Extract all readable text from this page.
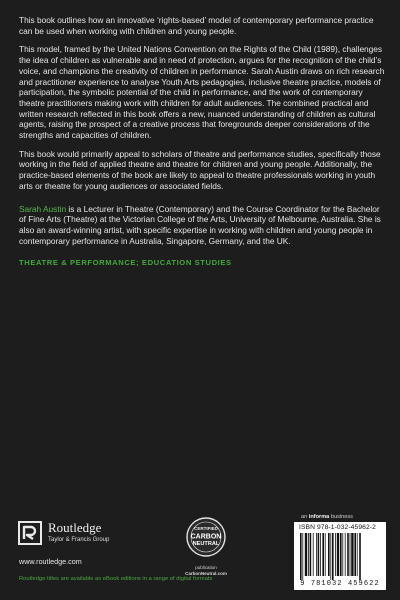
This book outlines how an innovative ‘rights-based’ model of contemporary performance practice can be used when working with children and young people.

This model, framed by the United Nations Convention on the Rights of the Child (1989), challenges the idea of children as vulnerable and in need of protection, argues for the recognition of the child’s voice, and champions the creativity of children in performance. Sarah Austin draws on rich research and practitioner experience to analyse Youth Arts pedagogies, inclusive theatre practice, models of participation, the symbolic potential of the child in performance, and the work of contemporary theatre practitioners making work with children for adult audiences. The combined practical and written research reflected in this book offers a new, nuanced understanding of children as cultural agents, raising the prospect of a creative process that foregrounds deeper considerations of the strengths and capacities of children.

This book would primarily appeal to scholars of theatre and performance studies, specifically those working in the field of applied theatre and theatre for children and young people. Additionally, the practice-based elements of the book are likely to appeal to theatre professionals working in youth arts or theatre for young audiences or associated fields.

Sarah Austin is a Lecturer in Theatre (Contemporary) and the Course Coordinator for the Bachelor of Fine Arts (Theatre) at the Victorian College of the Arts, University of Melbourne, Australia. She is also an award-winning artist, with specific expertise in working with children and young people in contemporary performance in Australia, Singapore, Germany, and the UK.

THEATRE & PERFORMANCE; EDUCATION STUDIES
Routledge
Taylor & Francis Group
www.routledge.com
Routledge titles are available as eBook editions in a range of digital formats
CERTIFIED
CARBON
NEUTRAL
publication
CarbonNeutral.com
an informa business
ISBN 978-1-032-45962-2
9 781032 459622
